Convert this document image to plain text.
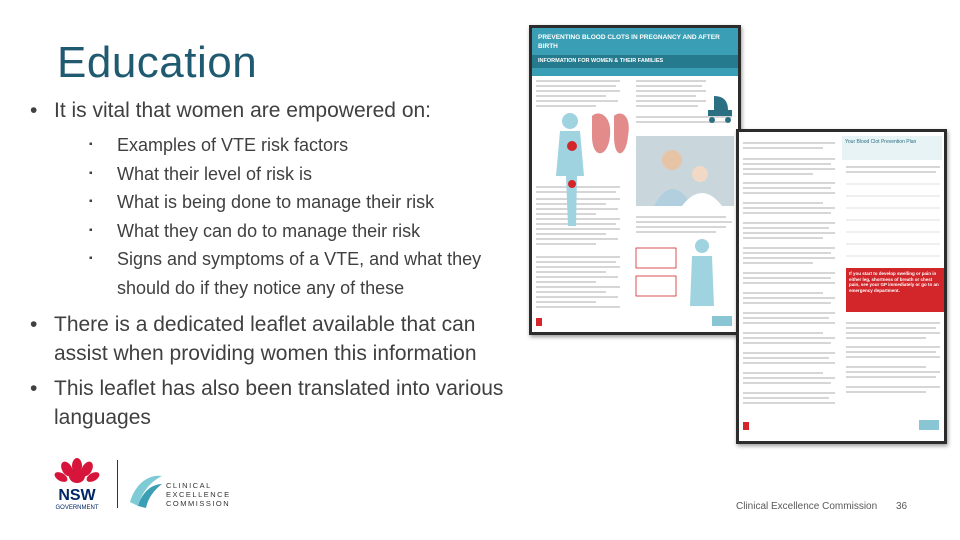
Education
• It is vital that women are empowered on:
▪	Examples of VTE risk factors
▪	What their level of risk is
▪	What is being done to manage their risk
▪	What they can do to manage their risk
▪	Signs and symptoms of a VTE, and what they should do if they notice any of these
• There is a dedicated leaflet available that can assist when providing women this information
• This leaflet has also been translated into various languages
PREVENTING BLOOD CLOTS IN PREGNANCY AND AFTER BIRTH
INFORMATION FOR WOMEN & THEIR FAMILIES
Your Blood Clot Prevention Plan
If you start to develop swelling or pain in either leg, shortness of breath or chest pain, see your GP immediately or go to an emergency department.
NSW
GOVERNMENT
CLINICAL EXCELLENCE COMMISSION	Clinical Excellence Commission 36
